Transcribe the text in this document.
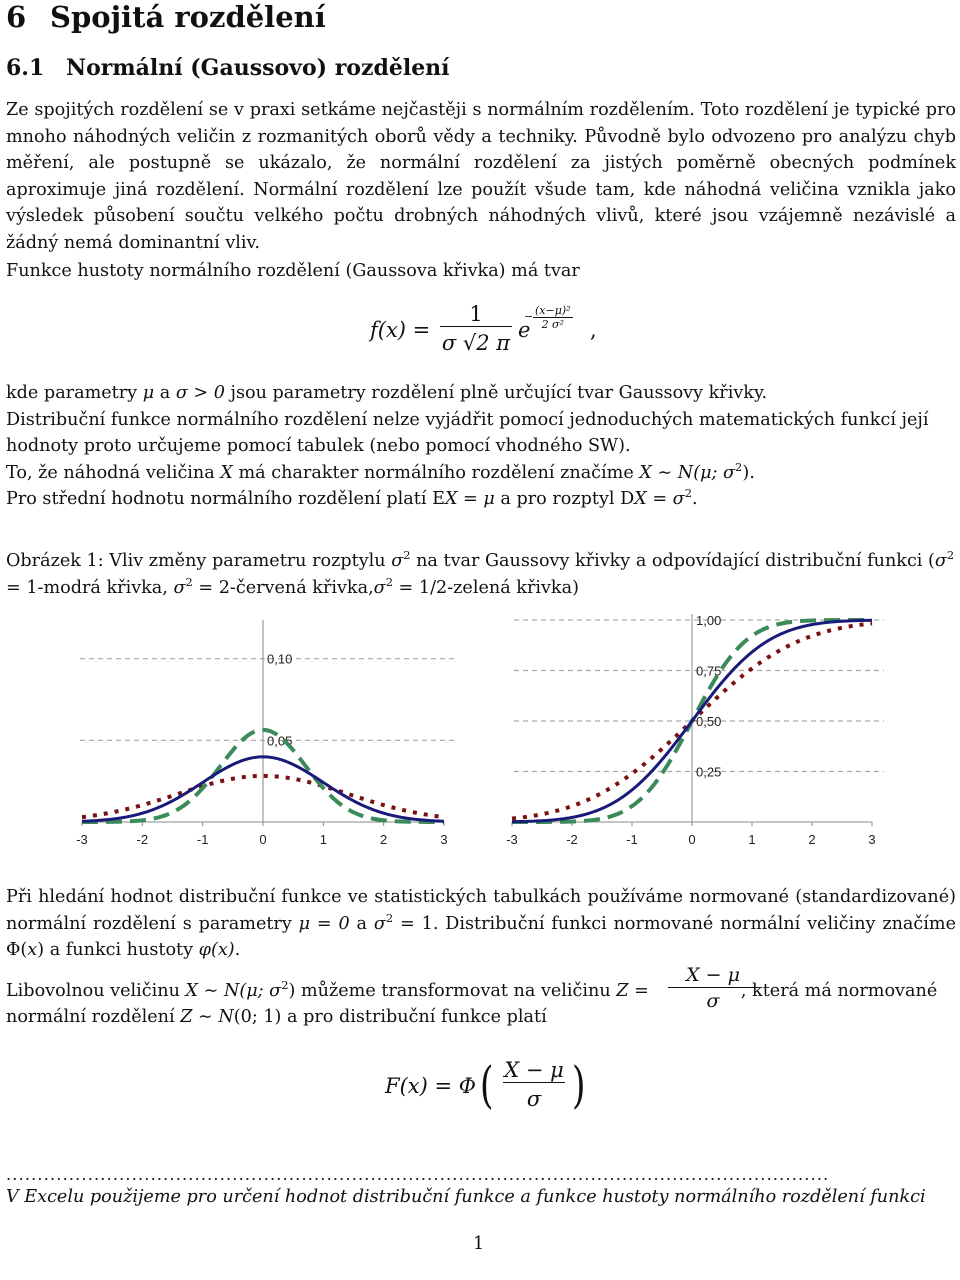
6 Spojitá rozdělení
6.1 Normální (Gaussovo) rozdělení

Ze spojitých rozdělení se v praxi setkáme nejčastěji s normálním rozdělením. Toto rozdělení je typické pro mnoho náhodných veličin z rozmanitých oborů vědy a techniky. Původně bylo odvozeno pro analýzu chyb měření, ale postupně se ukázalo, že normální rozdělení za jistých poměrně obecných podmínek aproximuje jiná rozdělení. Normální rozdělení lze použít všude tam, kde náhodná veličina vznikla jako výsledek působení součtu velkého počtu drobných náhodných vlivů, které jsou vzájemně nezávislé a žádný nemá dominantní vliv.

Funkce hustoty normálního rozdělení (Gaussova křivka) má tvar

$f(x) = \frac{1}{\sigma √2 \pi}$ e
− (x−μ)²
2 σ²	,
kde parametry μ a σ > 0 jsou parametry rozdělení plně určující tvar Gaussovy křivky.
Distribuční funkce normálního rozdělení nelze vyjádřit pomocí jednoduchých matematických funkcí její hodnoty proto určujeme pomocí tabulek (nebo pomocí vhodného SW).
To, že náhodná veličina X má charakter normálního rozdělení značíme X ∼ N(μ; $\sigma^2$).
Pro střední hodnotu normálního rozdělení platí EX = μ a pro rozptyl DX = $\sigma^2$.
Obrázek 1: Vliv změny parametru rozptylu $\sigma^2$ na tvar Gaussovy křivky a odpovídající distribuční funkci ($\sigma^2$ = 1-modrá křivka, $\sigma^2$ = 2-červená $křivka,\sigma^2$ = 1/2-zelená křivka)
-3	-2	-1	0	1	2	3
0,10
0,05
-3	-2	-1	0	1	2	3
1,00
0,75
0,50
0,25
Při hledání hodnot distribuční funkce ve statistických tabulkách používáme normované (standardizované) normální rozdělení s parametry μ = 0 a $\sigma^2 = 1$. Distribuční funkci normované normální veličiny značíme Φ(x) a funkci hustoty φ(x).
Libovolnou veličinu X ∼ N(μ; $\sigma^2$) můžeme transformovat na veličinu Z =	, která má normované normální rozdělení Z ∼ N(0; 1) a pro distribuční funkce platí
$\frac{X - \mu}{\sigma}$
F(x) = Φ ( $\frac{X - \mu}{\sigma}$ )
...................................................................................................................................
V Excelu použijeme pro určení hodnot distribuční funkce a funkce hustoty normálního rozdělení funkci
1
